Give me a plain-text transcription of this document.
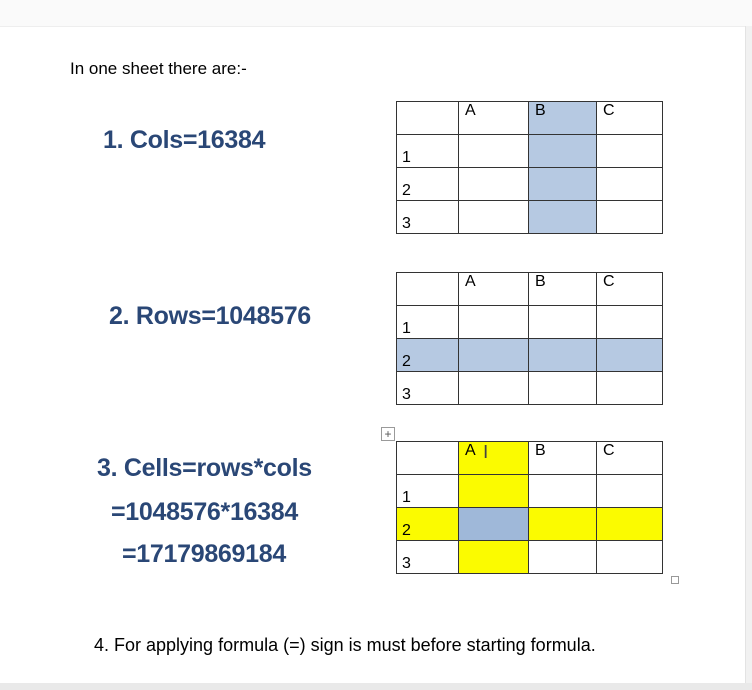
In one sheet there are:-
1. Cols=16384
2. Rows=1048576
3. Cells=rows*cols
=1048576*16384
=17179869184
	A	B	C
1			
2			
3			
	A	B	C
1			
2			
3			
+
	A I	B	C
1			
2			
3			
4. For applying formula (=) sign is must before starting formula.
